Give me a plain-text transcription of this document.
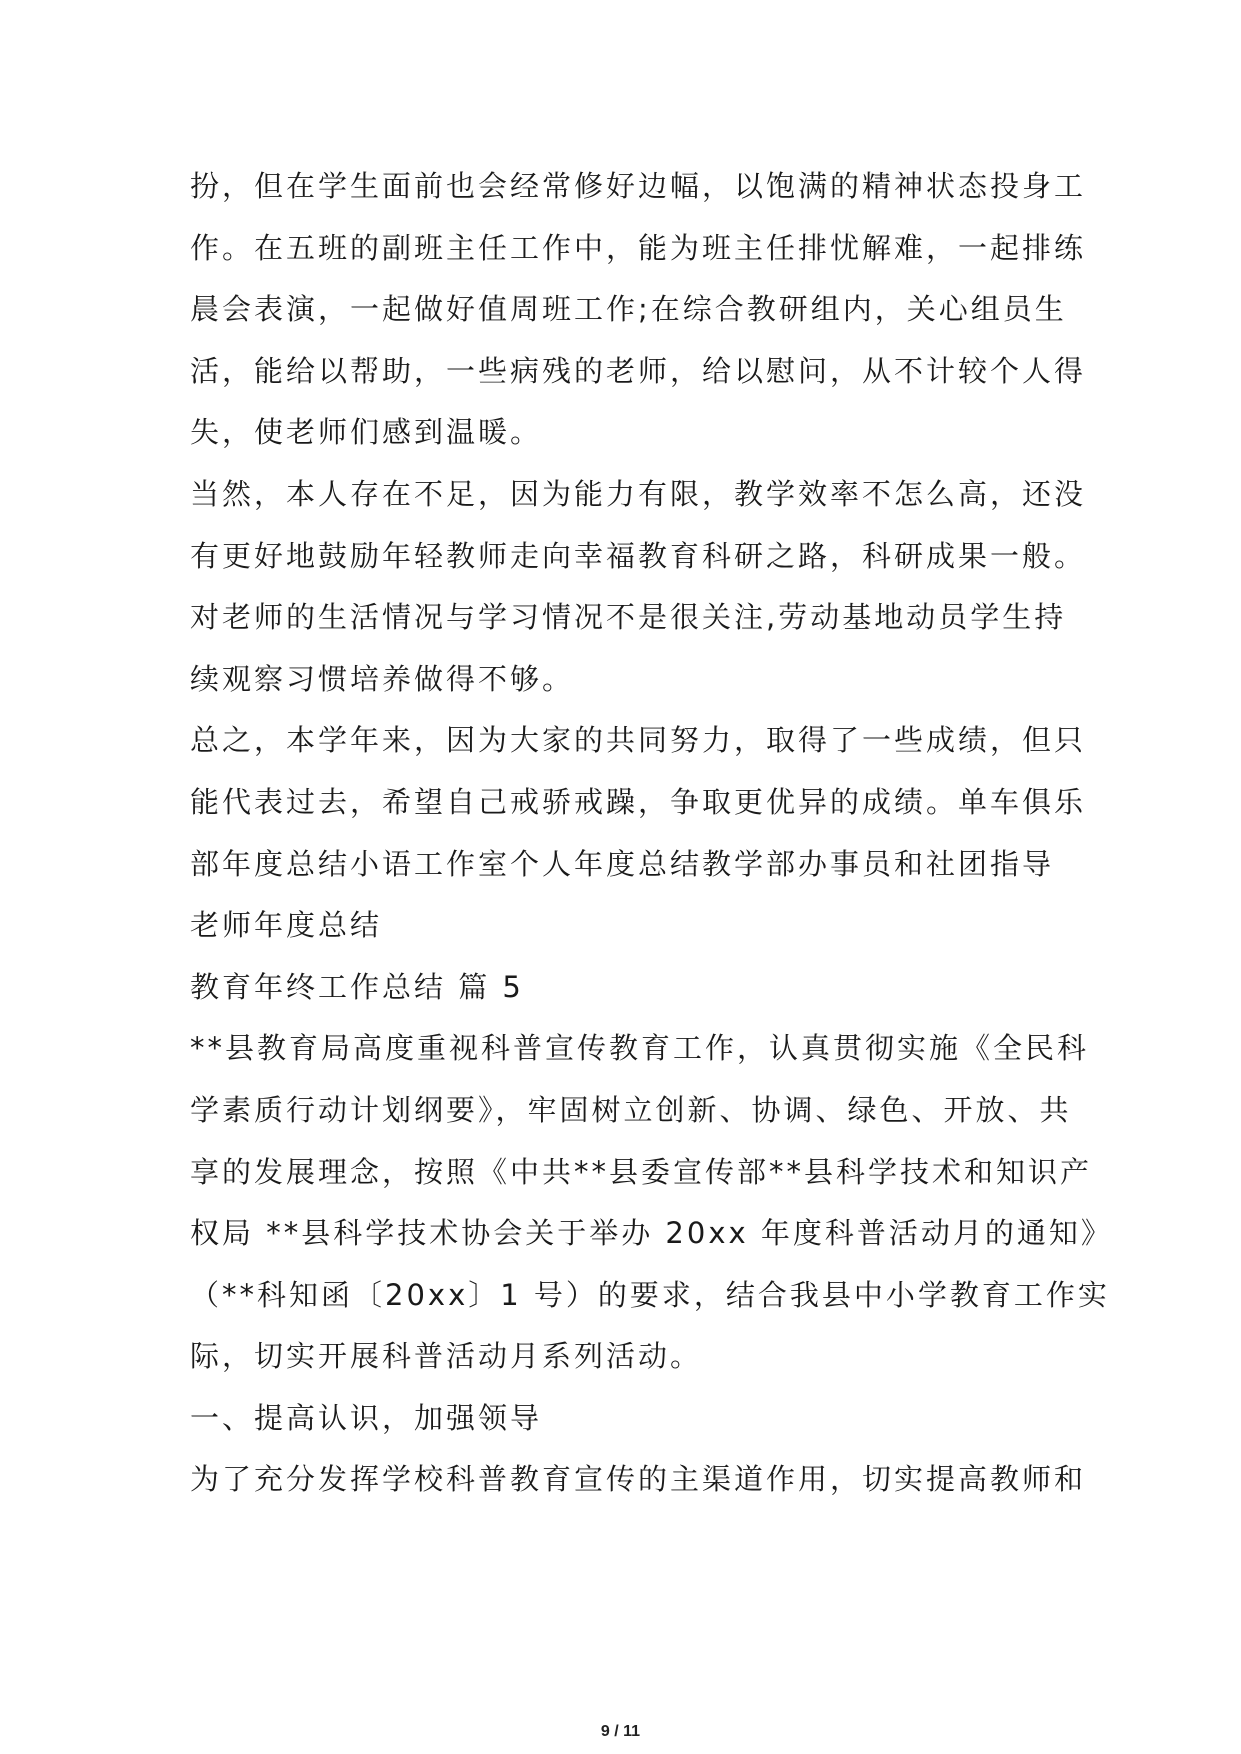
扮，但在学生面前也会经常修好边幅，以饱满的精神状态投身工
作。在五班的副班主任工作中，能为班主任排忧解难，一起排练
晨会表演，一起做好值周班工作;在综合教研组内，关心组员生
活，能给以帮助，一些病残的老师，给以慰问，从不计较个人得
失，使老师们感到温暖。
当然，本人存在不足，因为能力有限，教学效率不怎么高，还没
有更好地鼓励年轻教师走向幸福教育科研之路，科研成果一般。
对老师的生活情况与学习情况不是很关注,劳动基地动员学生持
续观察习惯培养做得不够。
总之，本学年来，因为大家的共同努力，取得了一些成绩，但只
能代表过去，希望自己戒骄戒躁，争取更优异的成绩。单车俱乐
部年度总结小语工作室个人年度总结教学部办事员和社团指导
老师年度总结
教育年终工作总结 篇 5
**县教育局高度重视科普宣传教育工作，认真贯彻实施《全民科
学素质行动计划纲要》，牢固树立创新、协调、绿色、开放、共
享的发展理念，按照《中共**县委宣传部**县科学技术和知识产
权局 **县科学技术协会关于举办 20xx 年度科普活动月的通知》
（**科知函〔20xx〕1 号）的要求，结合我县中小学教育工作实
际，切实开展科普活动月系列活动。
一、提高认识，加强领导
为了充分发挥学校科普教育宣传的主渠道作用，切实提高教师和
9 / 11
